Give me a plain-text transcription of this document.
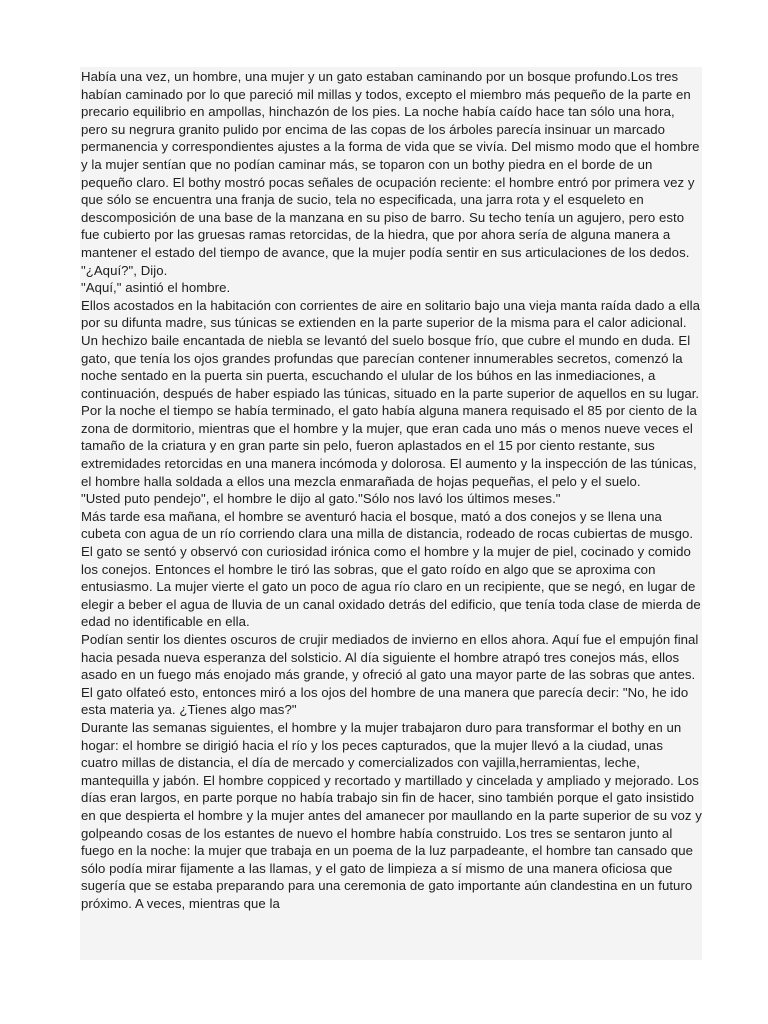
Había una vez, un hombre, una mujer y un gato estaban caminando por un bosque profundo.Los tres habían caminado por lo que pareció mil millas y todos, excepto el miembro más pequeño de la parte en precario equilibrio en ampollas, hinchazón de los pies. La noche había caído hace tan sólo una hora, pero su negrura granito pulido por encima de las copas de los árboles parecía insinuar un marcado permanencia y correspondientes ajustes a la forma de vida que se vivía. Del mismo modo que el hombre y la mujer sentían que no podían caminar más, se toparon con un bothy piedra en el borde de un pequeño claro. El bothy mostró pocas señales de ocupación reciente: el hombre entró por primera vez y que sólo se encuentra una franja de sucio, tela no especificada, una jarra rota y el esqueleto en descomposición de una base de la manzana en su piso de barro. Su techo tenía un agujero, pero esto fue cubierto por las gruesas ramas retorcidas, de la hiedra, que por ahora sería de alguna manera a mantener el estado del tiempo de avance, que la mujer podía sentir en sus articulaciones de los dedos.

"¿Aquí?", Dijo.

"Aquí," asintió el hombre.

Ellos acostados en la habitación con corrientes de aire en solitario bajo una vieja manta raída dado a ella por su difunta madre, sus túnicas se extienden en la parte superior de la misma para el calor adicional. Un hechizo baile encantada de niebla se levantó del suelo bosque frío, que cubre el mundo en duda. El gato, que tenía los ojos grandes profundas que parecían contener innumerables secretos, comenzó la noche sentado en la puerta sin puerta, escuchando el ulular de los búhos en las inmediaciones, a continuación, después de haber espiado las túnicas, situado en la parte superior de aquellos en su lugar. Por la noche el tiempo se había terminado, el gato había alguna manera requisado el 85 por ciento de la zona de dormitorio, mientras que el hombre y la mujer, que eran cada uno más o menos nueve veces el tamaño de la criatura y en gran parte sin pelo, fueron aplastados en el 15 por ciento restante, sus extremidades retorcidas en una manera incómoda y dolorosa. El aumento y la inspección de las túnicas, el hombre halla soldada a ellos una mezcla enmarañada de hojas pequeñas, el pelo y el suelo.

"Usted puto pendejo", el hombre le dijo al gato."Sólo nos lavó los últimos meses."

Más tarde esa mañana, el hombre se aventuró hacia el bosque, mató a dos conejos y se llena una cubeta con agua de un río corriendo clara una milla de distancia, rodeado de rocas cubiertas de musgo. El gato se sentó y observó con curiosidad irónica como el hombre y la mujer de piel, cocinado y comido los conejos. Entonces el hombre le tiró las sobras, que el gato roído en algo que se aproxima con entusiasmo. La mujer vierte el gato un poco de agua río claro en un recipiente, que se negó, en lugar de elegir a beber el agua de lluvia de un canal oxidado detrás del edificio, que tenía toda clase de mierda de edad no identificable en ella.

Podían sentir los dientes oscuros de crujir mediados de invierno en ellos ahora. Aquí fue el empujón final hacia pesada nueva esperanza del solsticio. Al día siguiente el hombre atrapó tres conejos más, ellos asado en un fuego más enojado más grande, y ofreció al gato una mayor parte de las sobras que antes. El gato olfateó esto, entonces miró a los ojos del hombre de una manera que parecía decir: "No, he ido esta materia ya. ¿Tienes algo mas?"

Durante las semanas siguientes, el hombre y la mujer trabajaron duro para transformar el bothy en un hogar: el hombre se dirigió hacia el río y los peces capturados, que la mujer llevó a la ciudad, unas cuatro millas de distancia, el día de mercado y comercializados con vajilla,herramientas, leche, mantequilla y jabón. El hombre coppiced y recortado y martillado y cincelada y ampliado y mejorado. Los días eran largos, en parte porque no había trabajo sin fin de hacer, sino también porque el gato insistido en que despierta el hombre y la mujer antes del amanecer por maullando en la parte superior de su voz y golpeando cosas de los estantes de nuevo el hombre había construido. Los tres se sentaron junto al fuego en la noche: la mujer que trabaja en un poema de la luz parpadeante, el hombre tan cansado que sólo podía mirar fijamente a las llamas, y el gato de limpieza a sí mismo de una manera oficiosa que sugería que se estaba preparando para una ceremonia de gato importante aún clandestina en un futuro próximo. A veces, mientras que la
